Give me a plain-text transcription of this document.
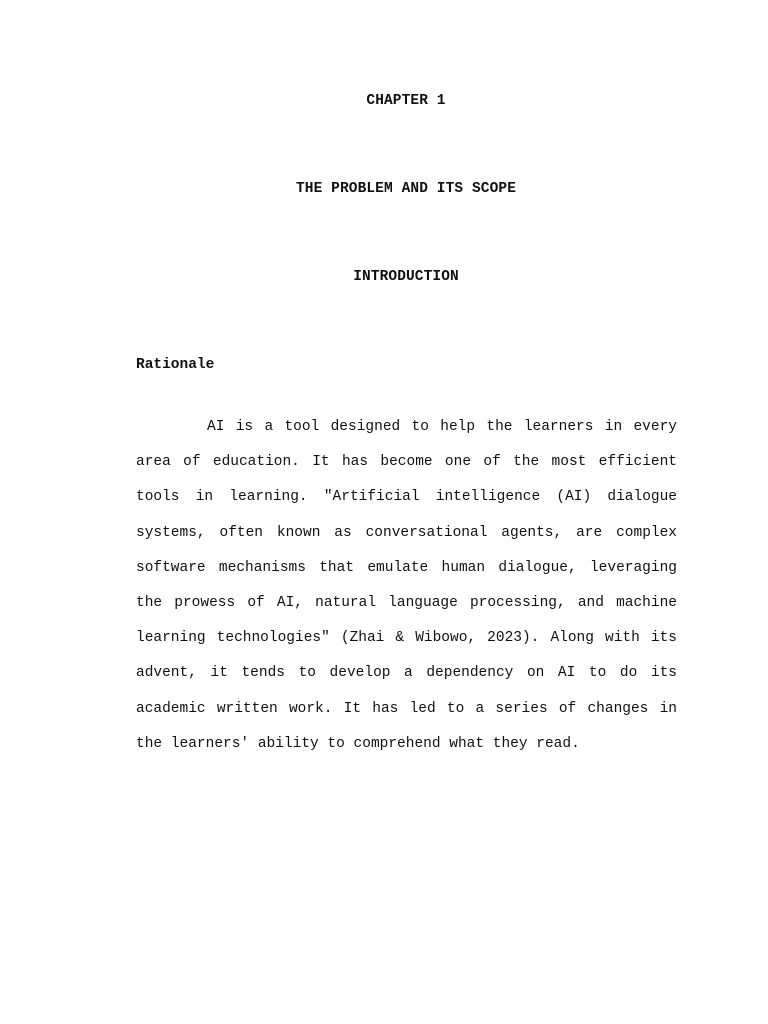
CHAPTER 1
THE PROBLEM AND ITS SCOPE
INTRODUCTION
Rationale
AI is a tool designed to help the learners in every
area of education. It has become one of the most efficient
tools in learning. "Artificial intelligence (AI) dialogue
systems, often known as conversational agents, are complex
software mechanisms that emulate human dialogue, leveraging
the prowess of AI, natural language processing, and machine
learning technologies" (Zhai & Wibowo, 2023). Along with its
advent, it tends to develop a dependency on AI to do its
academic written work. It has led to a series of changes in
the learners' ability to comprehend what they read.
